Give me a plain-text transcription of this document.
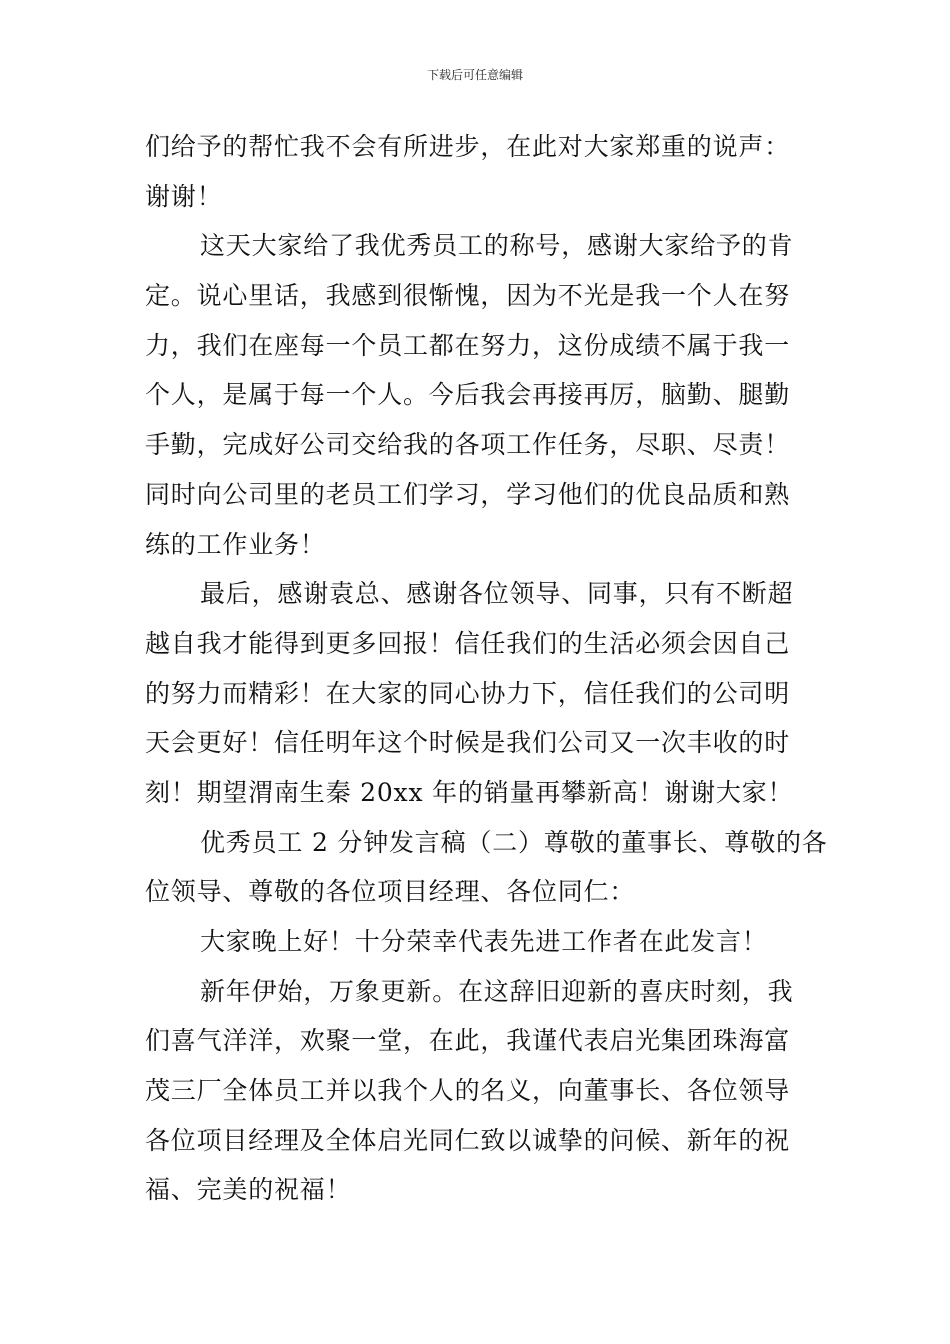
下载后可任意编辑
们给予的帮忙我不会有所进步，在此对大家郑重的说声：
谢谢！
这天大家给了我优秀员工的称号，感谢大家给予的肯
定。说心里话，我感到很惭愧，因为不光是我一个人在努
力，我们在座每一个员工都在努力，这份成绩不属于我一
个人，是属于每一个人。今后我会再接再厉，脑勤、腿勤
手勤，完成好公司交给我的各项工作任务，尽职、尽责！
同时向公司里的老员工们学习，学习他们的优良品质和熟
练的工作业务！
最后，感谢袁总、感谢各位领导、同事，只有不断超
越自我才能得到更多回报！信任我们的生活必须会因自己
的努力而精彩！在大家的同心协力下，信任我们的公司明
天会更好！信任明年这个时候是我们公司又一次丰收的时
刻！期望渭南生秦 20xx 年的销量再攀新高！谢谢大家！
优秀员工 2 分钟发言稿（二）尊敬的董事长、尊敬的各
位领导、尊敬的各位项目经理、各位同仁：
大家晚上好！十分荣幸代表先进工作者在此发言！
新年伊始，万象更新。在这辞旧迎新的喜庆时刻，我
们喜气洋洋，欢聚一堂，在此，我谨代表启光集团珠海富
茂三厂全体员工并以我个人的名义，向董事长、各位领导
各位项目经理及全体启光同仁致以诚挚的问候、新年的祝
福、完美的祝福！
